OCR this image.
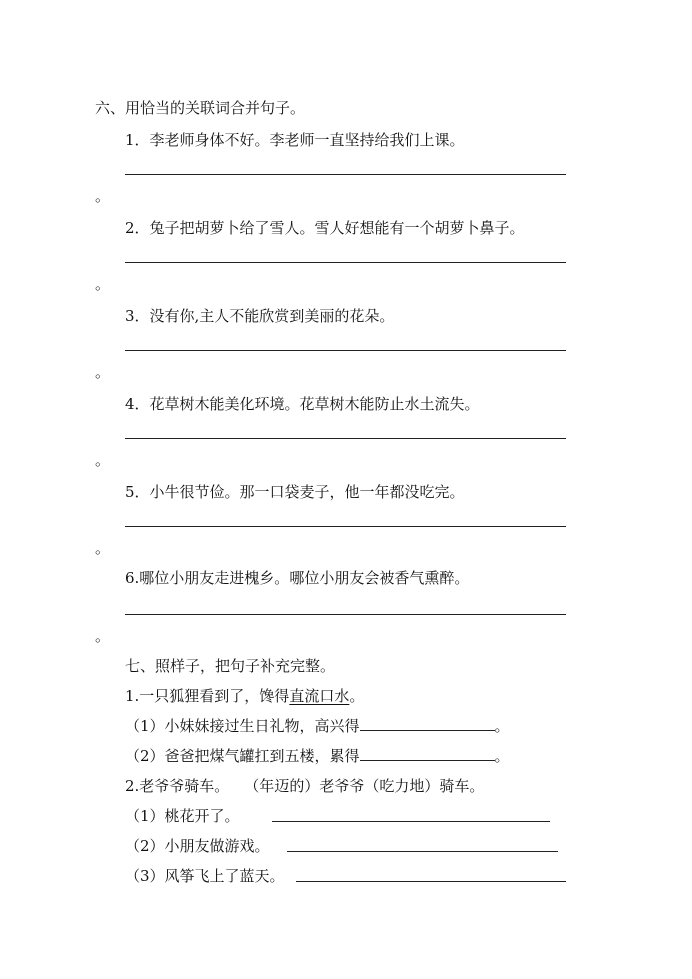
六、用恰当的关联词合并句子。
1．李老师身体不好。李老师一直坚持给我们上课。
。
2．兔子把胡萝卜给了雪人。雪人好想能有一个胡萝卜鼻子。
。
3．没有你,主人不能欣赏到美丽的花朵。
。
4．花草树木能美化环境。花草树木能防止水土流失。
。
5．小牛很节俭。那一口袋麦子，他一年都没吃完。
。
6.哪位小朋友走进槐乡。哪位小朋友会被香气熏醉。
。
七、照样子，把句子补充完整。
1.一只狐狸看到了，馋得直流口水。
（1）小妹妹接过生日礼物，高兴得	。
（2）爸爸把煤气罐扛到五楼，累得	。
2.老爷爷骑车。　　（年迈的）老爷爷（吃力地）骑车。
（1）桃花开了。
（2）小朋友做游戏。
（3）风筝飞上了蓝天。
